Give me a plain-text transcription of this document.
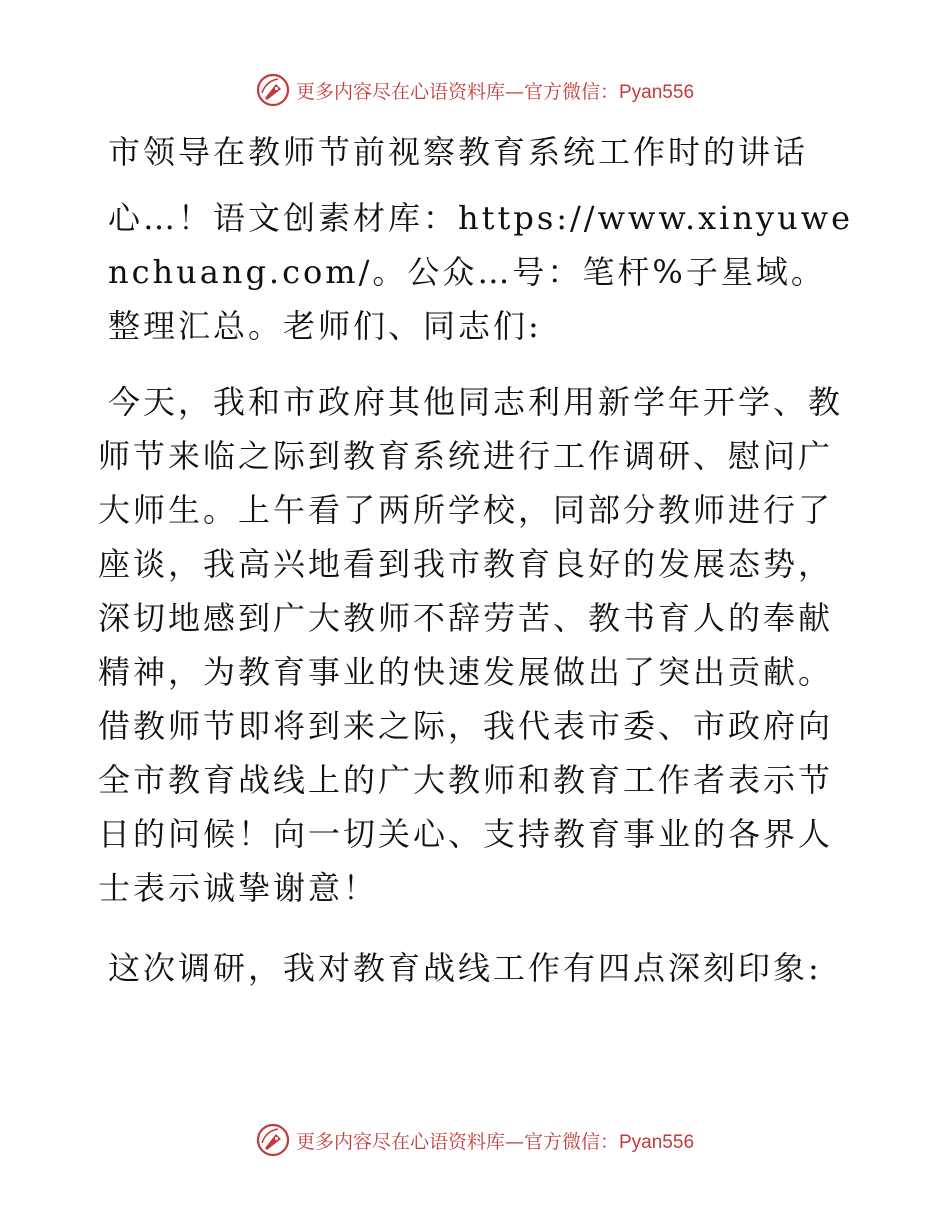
更多内容尽在心语资料库—官方微信：Pyan556

市领导在教师节前视察教育系统工作时的讲话

心…！语文创素材库：https://www.xinyuwenchuang.com/。公众…号：笔杆%子星域。整理汇总。老师们、同志们:

今天，我和市政府其他同志利用新学年开学、教师节来临之际到教育系统进行工作调研、慰问广大师生。上午看了两所学校，同部分教师进行了座谈，我高兴地看到我市教育良好的发展态势，深切地感到广大教师不辞劳苦、教书育人的奉献精神，为教育事业的快速发展做出了突出贡献。借教师节即将到来之际，我代表市委、市政府向全市教育战线上的广大教师和教育工作者表示节日的问候！向一切关心、支持教育事业的各界人士表示诚挚谢意！

这次调研，我对教育战线工作有四点深刻印象:

更多内容尽在心语资料库—官方微信：Pyan556
